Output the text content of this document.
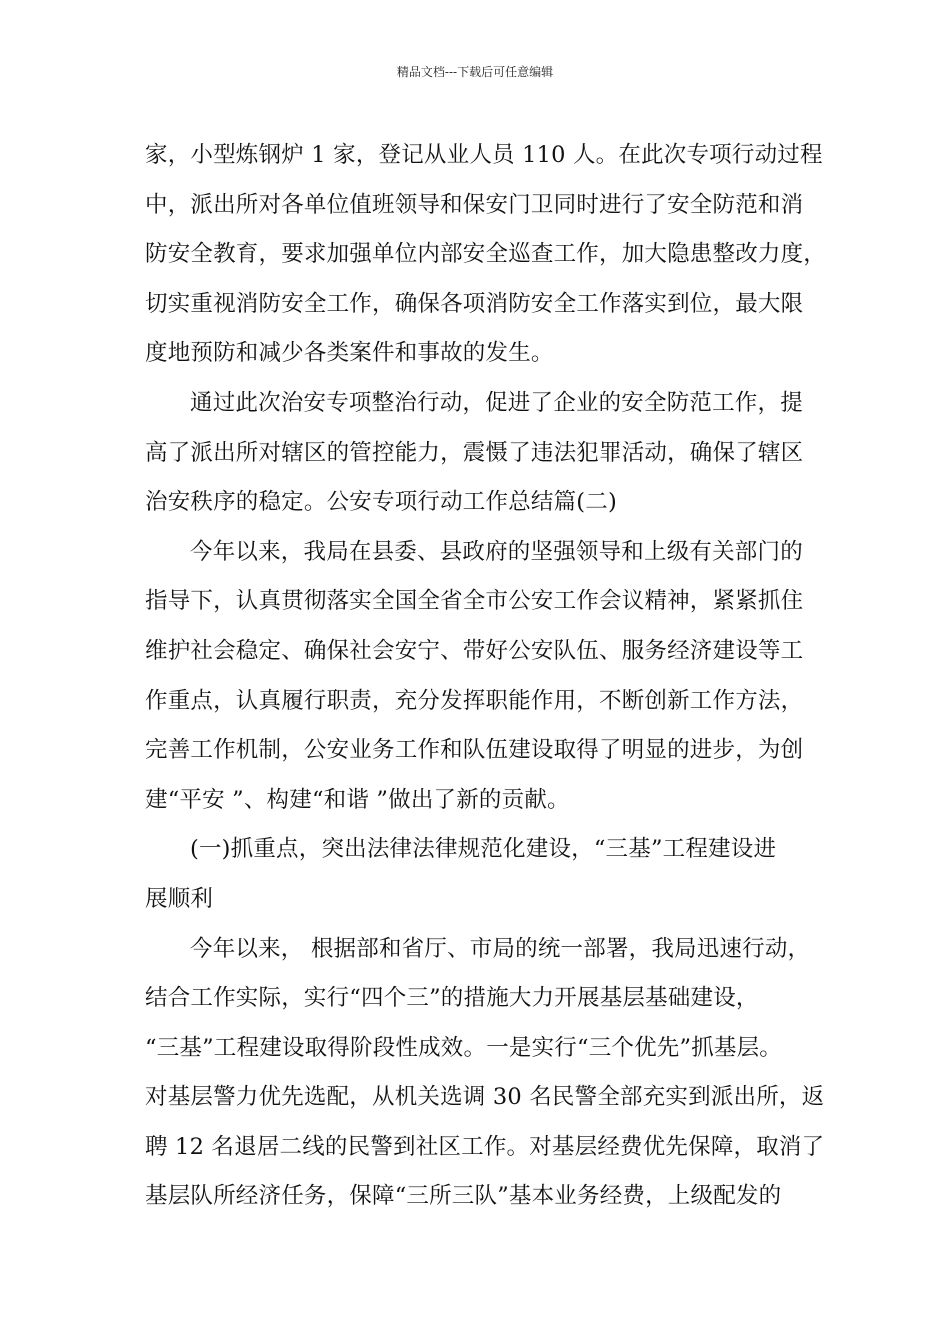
精品文档---下载后可任意编辑
家，小型炼钢炉 1 家，登记从业人员 110 人。在此次专项行动过程
中，派出所对各单位值班领导和保安门卫同时进行了安全防范和消
防安全教育，要求加强单位内部安全巡查工作，加大隐患整改力度，
切实重视消防安全工作，确保各项消防安全工作落实到位，最大限
度地预防和减少各类案件和事故的发生。
通过此次治安专项整治行动，促进了企业的安全防范工作，提
高了派出所对辖区的管控能力，震慑了违法犯罪活动，确保了辖区
治安秩序的稳定。公安专项行动工作总结篇(二)
今年以来，我局在县委、县政府的坚强领导和上级有关部门的
指导下，认真贯彻落实全国全省全市公安工作会议精神，紧紧抓住
维护社会稳定、确保社会安宁、带好公安队伍、服务经济建设等工
作重点，认真履行职责，充分发挥职能作用，不断创新工作方法，
完善工作机制，公安业务工作和队伍建设取得了明显的进步，为创
建“平安 ”、构建“和谐 ”做出了新的贡献。
(一)抓重点，突出法律法律规范化建设，“三基”工程建设进
展顺利
今年以来， 根据部和省厅、市局的统一部署，我局迅速行动，
结合工作实际，实行“四个三”的措施大力开展基层基础建设，
“三基”工程建设取得阶段性成效。一是实行“三个优先”抓基层。
对基层警力优先选配，从机关选调 30 名民警全部充实到派出所，返
聘 12 名退居二线的民警到社区工作。对基层经费优先保障，取消了
基层队所经济任务，保障“三所三队”基本业务经费，上级配发的
